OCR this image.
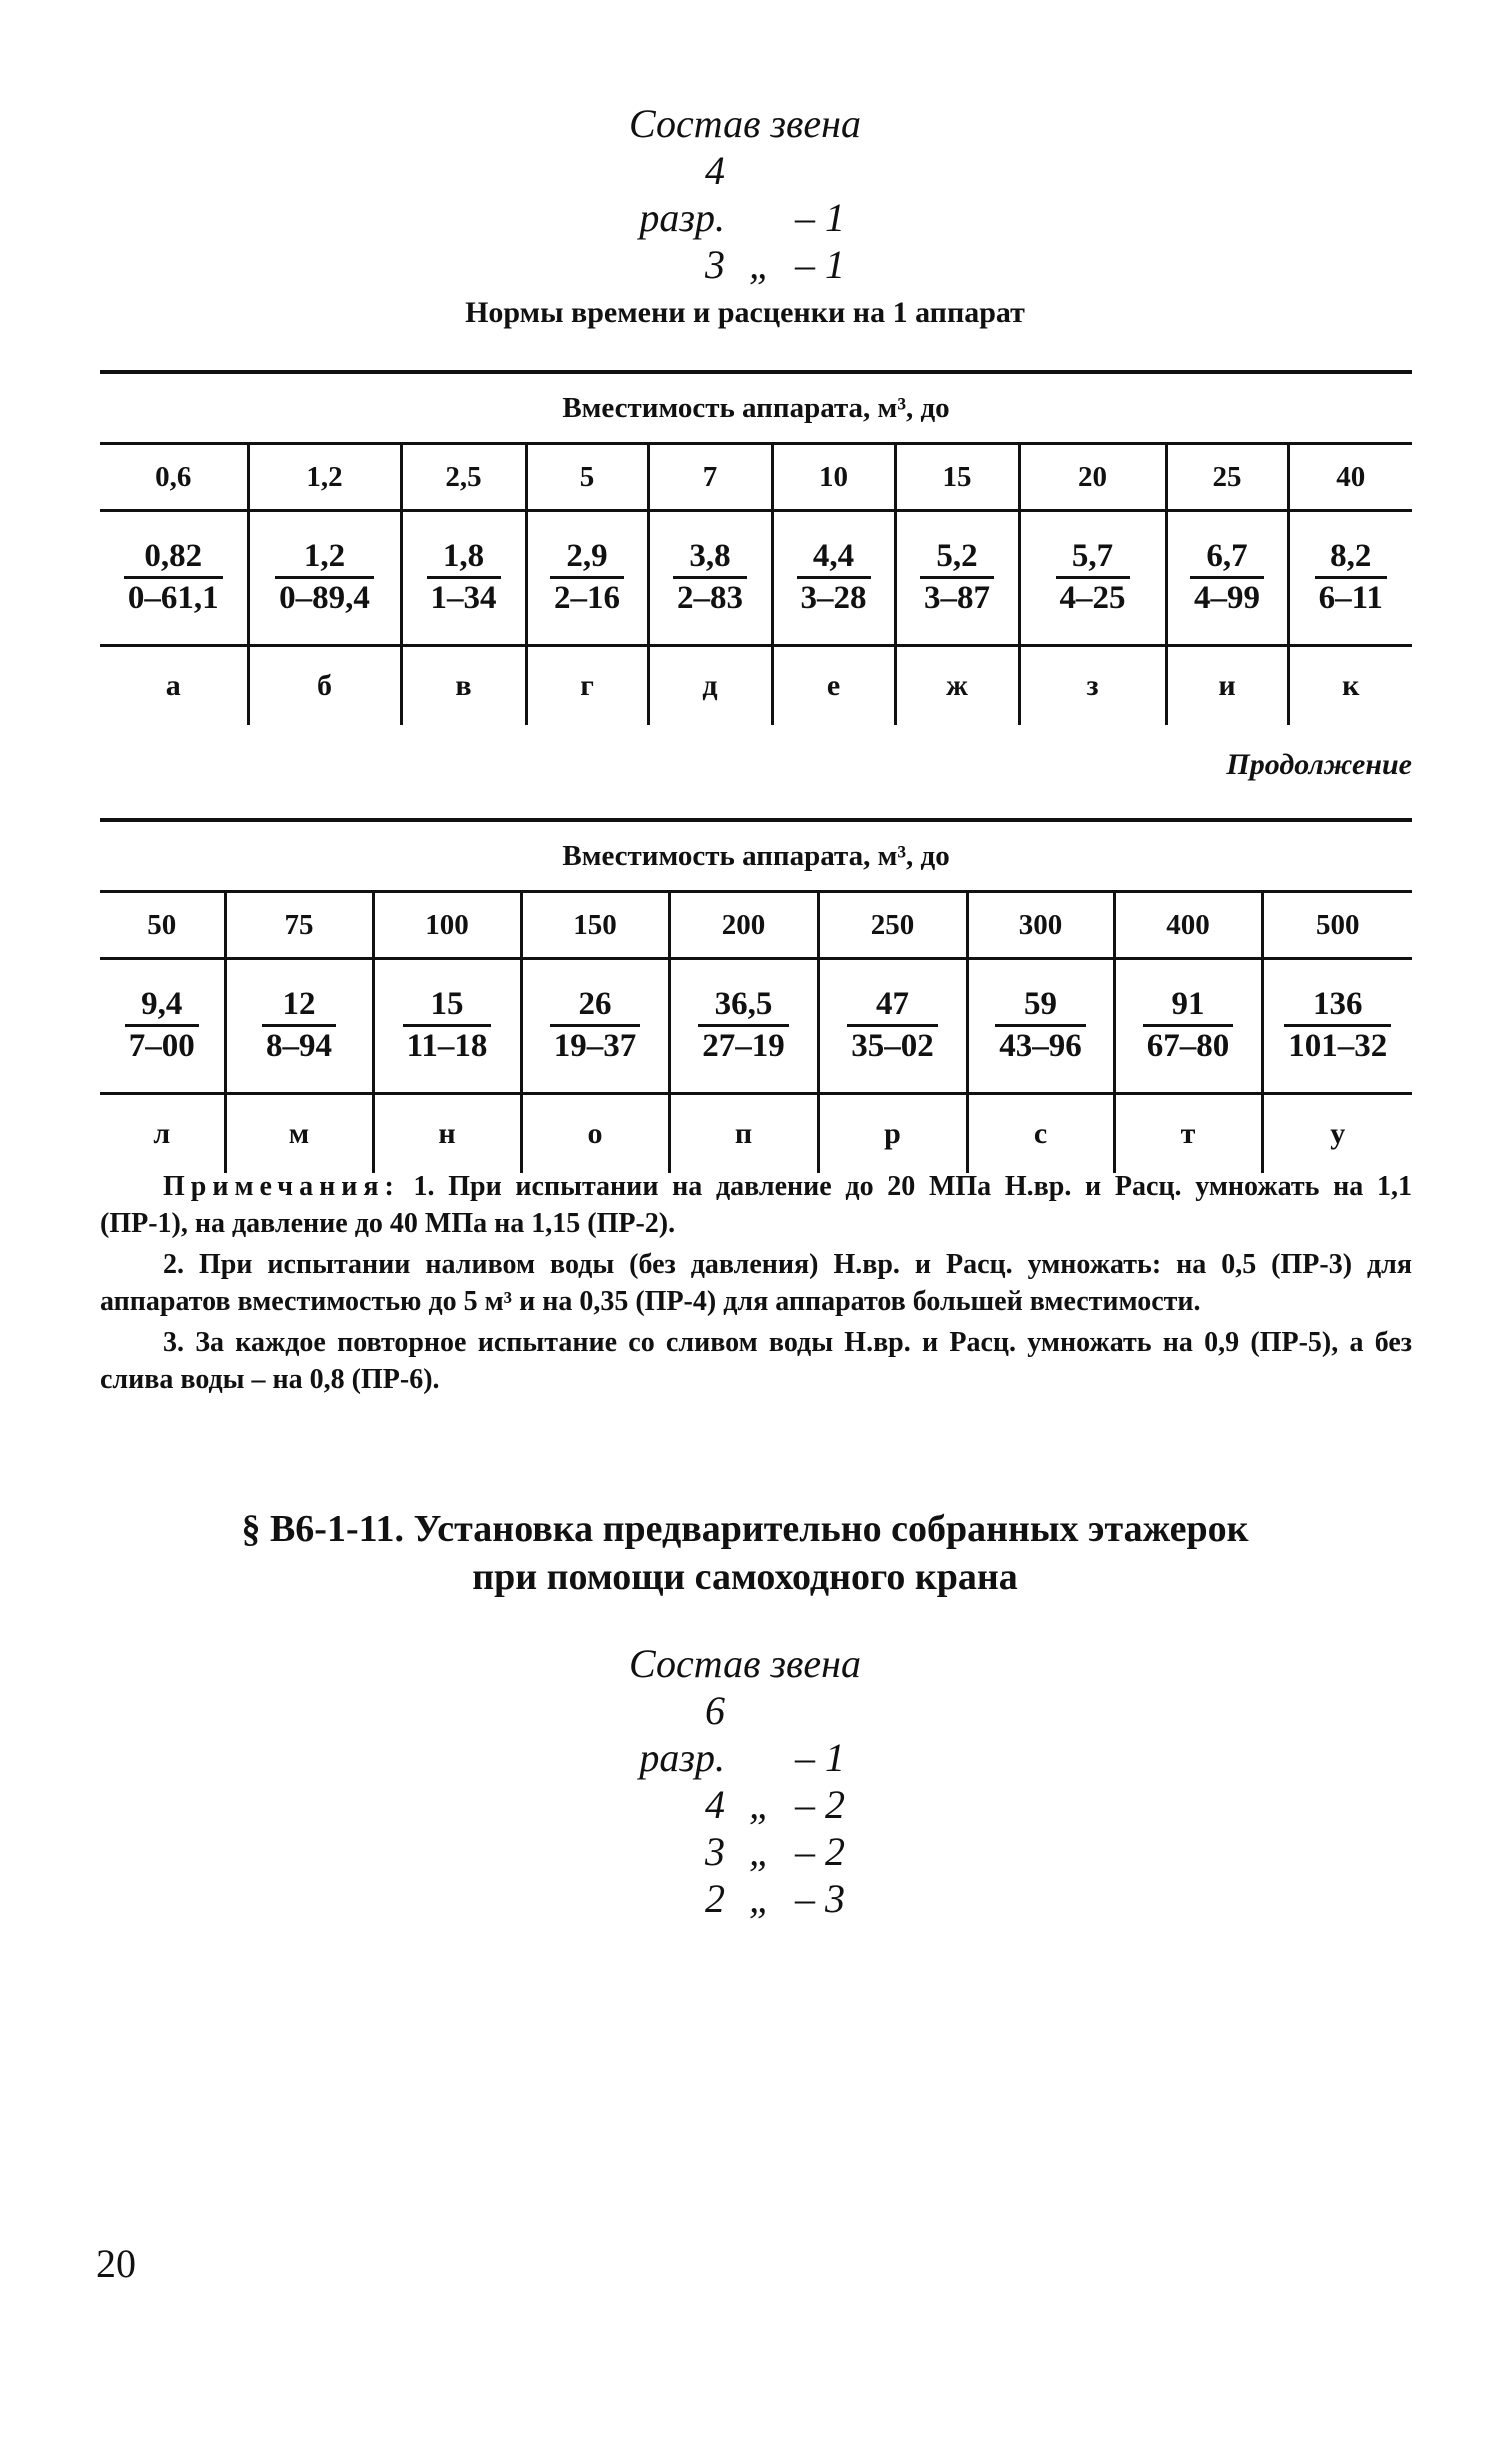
Состав звена
4 разр. – 1
3 „ – 1
Нормы времени и расценки на 1 аппарат
Вместимость аппарата, м³, до									
0,6	1,2	2,5	5	7	10	15	20	25	40

$\frac{0,82}{0-61,1}$	$\frac{1,2}{0-89,4}$	$\frac{1,8}{1-34}$	$\frac{2,9}{2-16}$	$\frac{3,8}{2-83}$	$\frac{4,4}{3-28}$	$\frac{5,2}{3-87}$	$\frac{5,7}{4-25}$	$\frac{6,7}{4-99}$	$\frac{8,2}{6-11}$

а	б	в	г	д	е	ж	з	и	к
Продолжение
Вместимость аппарата, м³, до								
50	75	100	150	200	250	300	400	500

$\frac{9,4}{7-00}$	$\frac{12}{8-94}$	$\frac{15}{11-18}$	$\frac{26}{19-37}$	$\frac{36,5}{27-19}$	$\frac{47}{35-02}$	$\frac{59}{43-96}$	$\frac{91}{67-80}$	$\frac{136}{101-32}$

л	м	н	о	п	р	с	т	у

Примечания: 1. При испытании на давление до 20 МПа Н.вр. и Расц. умножать на 1,1 (ПР-1), на давление до 40 МПа на 1,15 (ПР-2).

2. При испытании наливом воды (без давления) Н.вр. и Расц. умножать: на 0,5 (ПР-3) для аппаратов вместимостью до 5 м³ и на 0,35 (ПР-4) для аппаратов большей вместимости.

3. За каждое повторное испытание со сливом воды Н.вр. и Расц. умножать на 0,9 (ПР-5), а без слива воды – на 0,8 (ПР-6).

§ В6-1-11. Установка предварительно собранных этажерок
при помощи самоходного крана
Состав звена
6 разр. – 1
4 „ – 2
3 „ – 2
2 „ – 3
20
